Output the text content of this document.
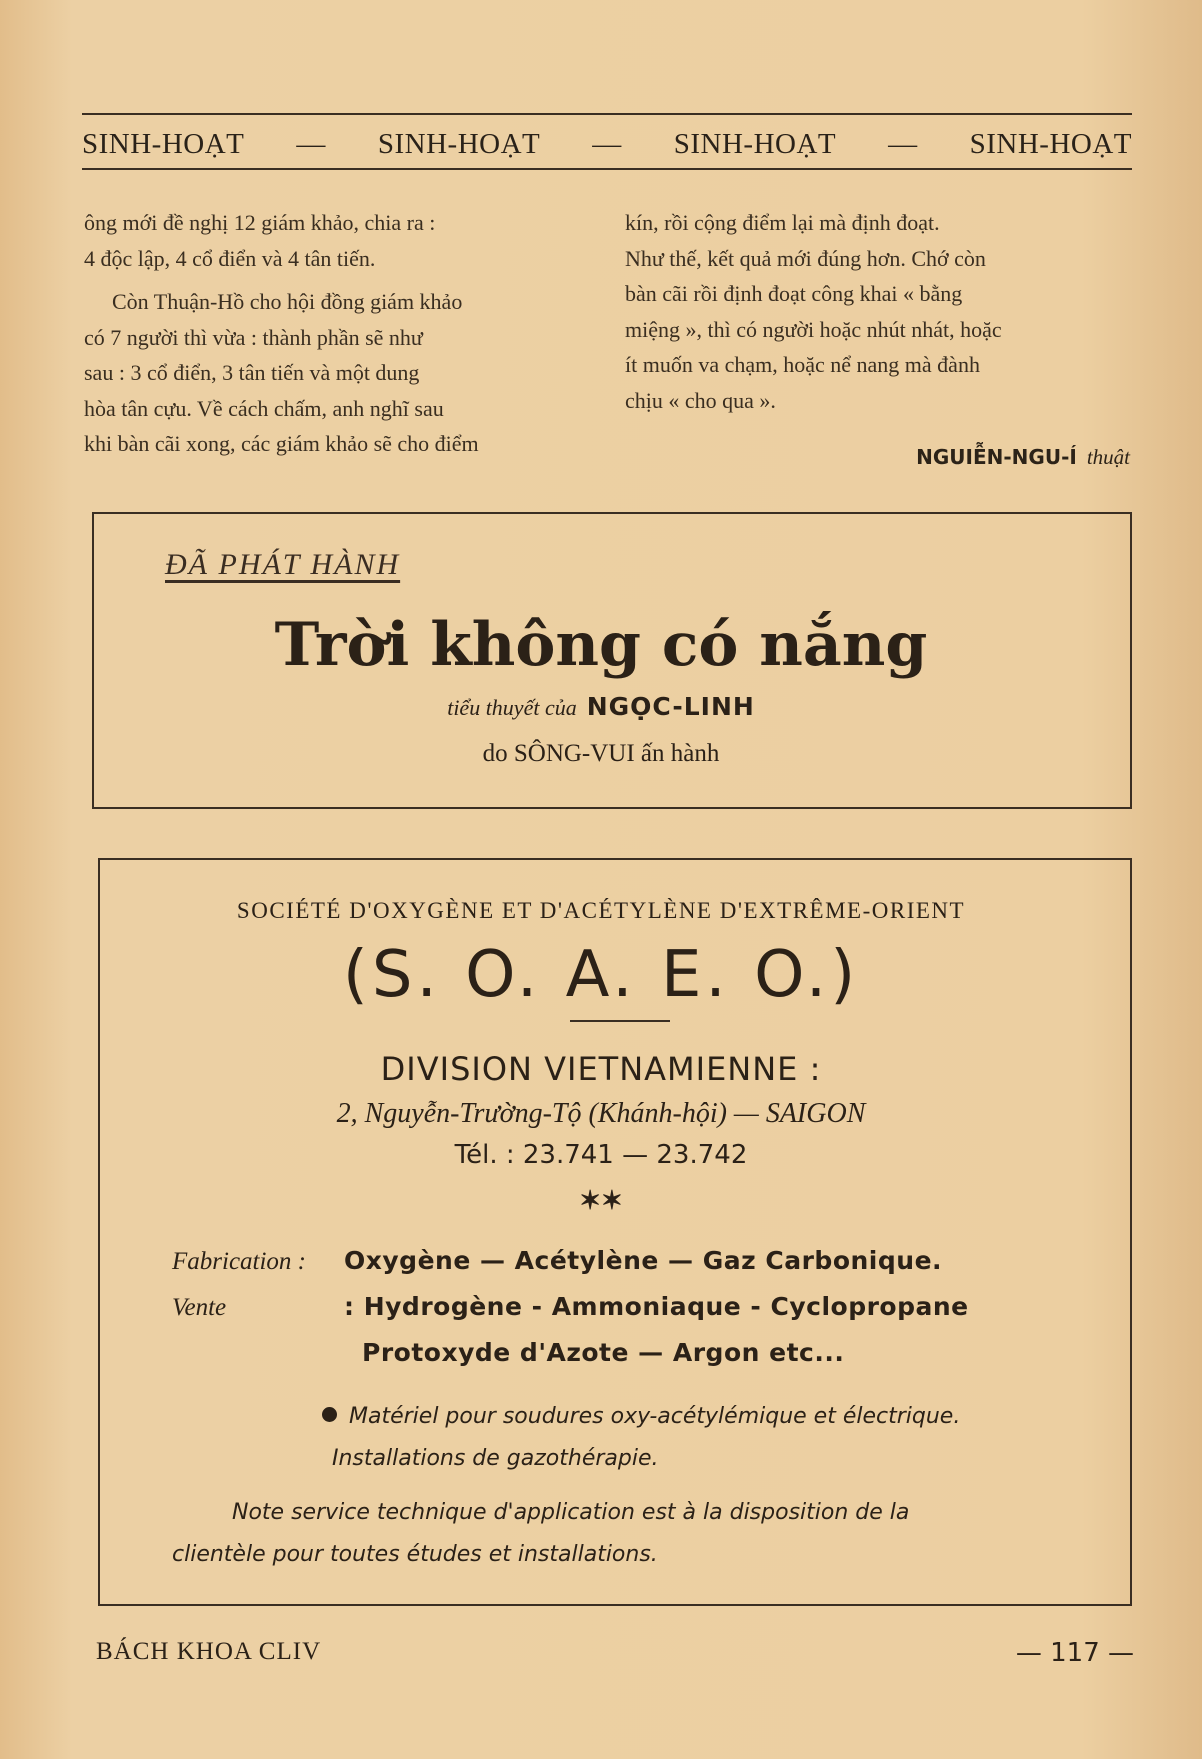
SINH-HOẠT — SINH-HOẠT — SINH-HOẠT — SINH-HOẠT

ông mới đề nghị 12 giám khảo, chia ra :

4 độc lập, 4 cổ điển và 4 tân tiến.

Còn Thuận-Hồ cho hội đồng giám khảo

có 7 người thì vừa : thành phần sẽ như

sau : 3 cổ điển, 3 tân tiến và một dung

hòa tân cựu. Về cách chấm, anh nghĩ sau

khi bàn cãi xong, các giám khảo sẽ cho điểm

kín, rồi cộng điểm lại mà định đoạt.

Như thế, kết quả mới đúng hơn. Chớ còn

bàn cãi rồi định đoạt công khai « bằng

miệng », thì có người hoặc nhút nhát, hoặc

ít muốn va chạm, hoặc nể nang mà đành

chịu « cho qua ».

NGUIỄN-NGU-Í thuật
ĐÃ PHÁT HÀNH
Trời không có nắng
tiểu thuyết của NGỌC-LINH
do SÔNG-VUI ấn hành
SOCIÉTÉ D'OXYGÈNE ET D'ACÉTYLÈNE D'EXTRÊME-ORIENT
(S. O. A. E. O.)
DIVISION VIETNAMIENNE :
2, Nguyễn-Trường-Tộ (Khánh-hội) — SAIGON
Tél. : 23.741 — 23.742
✶✶
Fabrication : Oxygène — Acétylène — Gaz Carbonique.
Vente	: Hydrogène - Ammoniaque - Cyclopropane
Protoxyde d'Azote — Argon etc...
Matériel pour soudures oxy-acétylémique et électrique.
Installations de gazothérapie.
Note service technique d'application est à la disposition de la
clientèle pour toutes études et installations.
BÁCH KHOA CLIV	— 117 —
